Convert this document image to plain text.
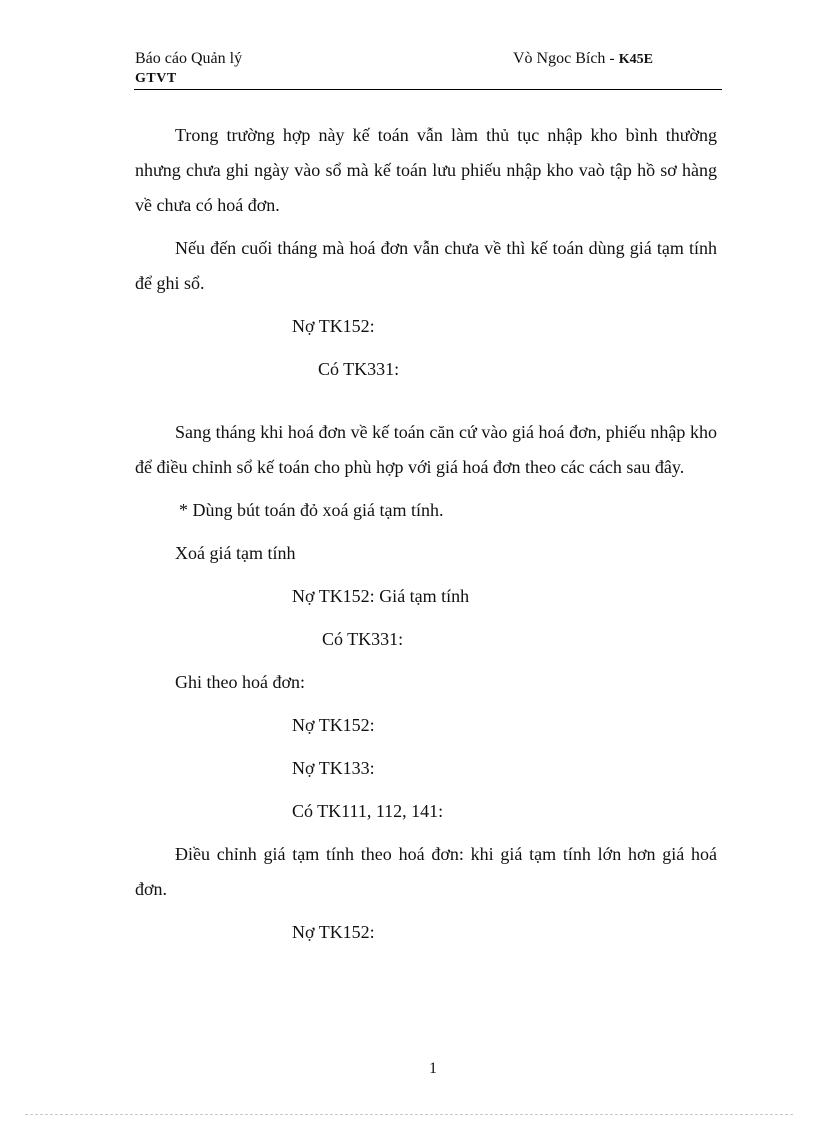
Báo cáo Quản lý
GTVT
Vò Ngoc Bích - K45E

Trong trường hợp này kế toán vẫn làm thủ tục nhập kho bình thường nhưng chưa ghi ngày vào sổ mà kế toán lưu phiếu nhập kho vaò tập hồ sơ hàng về chưa có hoá đơn.

Nếu đến cuối tháng mà hoá đơn vẫn chưa về thì kế toán dùng giá tạm tính để ghi sổ.

Nợ TK152:

Có TK331:

Sang tháng khi hoá đơn về kế toán căn cứ vào giá hoá đơn, phiếu nhập kho để điều chỉnh sổ kế toán cho phù hợp với giá hoá đơn theo các cách sau đây.

* Dùng bút toán đỏ xoá giá tạm tính.

Xoá giá tạm tính

Nợ TK152: Giá tạm tính

Có TK331:

Ghi theo hoá đơn:

Nợ TK152:

Nợ TK133:

Có TK111, 112, 141:

Điều chỉnh giá tạm tính theo hoá đơn: khi giá tạm tính lớn hơn giá hoá đơn.

Nợ TK152:

1
